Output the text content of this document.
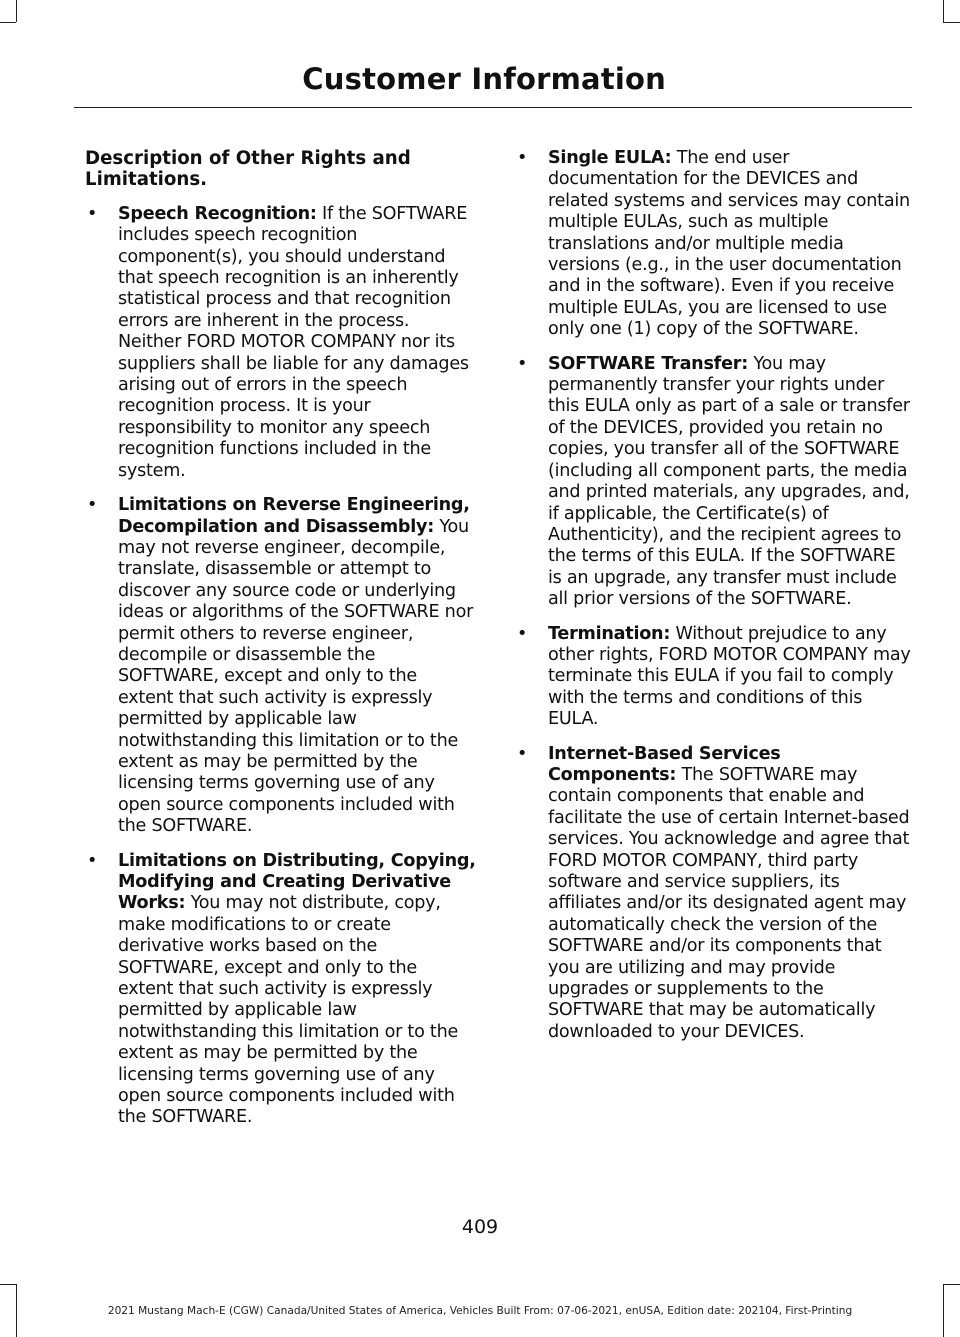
Customer Information
Description of Other Rights and Limitations.
• Speech Recognition: If the SOFTWARE includes speech recognition component(s), you should understand that speech recognition is an inherently statistical process and that recognition errors are inherent in the process. Neither FORD MOTOR COMPANY nor its suppliers shall be liable for any damages arising out of errors in the speech recognition process. It is your responsibility to monitor any speech recognition functions included in the system.
• Limitations on Reverse Engineering, Decompilation and Disassembly: You may not reverse engineer, decompile, translate, disassemble or attempt to discover any source code or underlying ideas or algorithms of the SOFTWARE nor permit others to reverse engineer, decompile or disassemble the SOFTWARE, except and only to the extent that such activity is expressly permitted by applicable law notwithstanding this limitation or to the extent as may be permitted by the licensing terms governing use of any open source components included with the SOFTWARE.
• Limitations on Distributing, Copying, Modifying and Creating Derivative Works: You may not distribute, copy, make modifications to or create derivative works based on the SOFTWARE, except and only to the extent that such activity is expressly permitted by applicable law notwithstanding this limitation or to the extent as may be permitted by the licensing terms governing use of any open source components included with the SOFTWARE.
• Single EULA: The end user documentation for the DEVICES and related systems and services may contain multiple EULAs, such as multiple translations and/or multiple media versions (e.g., in the user documentation and in the software). Even if you receive multiple EULAs, you are licensed to use only one (1) copy of the SOFTWARE.
• SOFTWARE Transfer: You may permanently transfer your rights under this EULA only as part of a sale or transfer of the DEVICES, provided you retain no copies, you transfer all of the SOFTWARE (including all component parts, the media and printed materials, any upgrades, and, if applicable, the Certificate(s) of Authenticity), and the recipient agrees to the terms of this EULA. If the SOFTWARE is an upgrade, any transfer must include all prior versions of the SOFTWARE.
• Termination: Without prejudice to any other rights, FORD MOTOR COMPANY may terminate this EULA if you fail to comply with the terms and conditions of this EULA.
• Internet-Based Services Components: The SOFTWARE may contain components that enable and facilitate the use of certain Internet-based services. You acknowledge and agree that FORD MOTOR COMPANY, third party software and service suppliers, its affiliates and/or its designated agent may automatically check the version of the SOFTWARE and/or its components that you are utilizing and may provide upgrades or supplements to the SOFTWARE that may be automatically downloaded to your DEVICES.
409
2021 Mustang Mach-E (CGW) Canada/United States of America, Vehicles Built From: 07-06-2021, enUSA, Edition date: 202104, First-Printing
